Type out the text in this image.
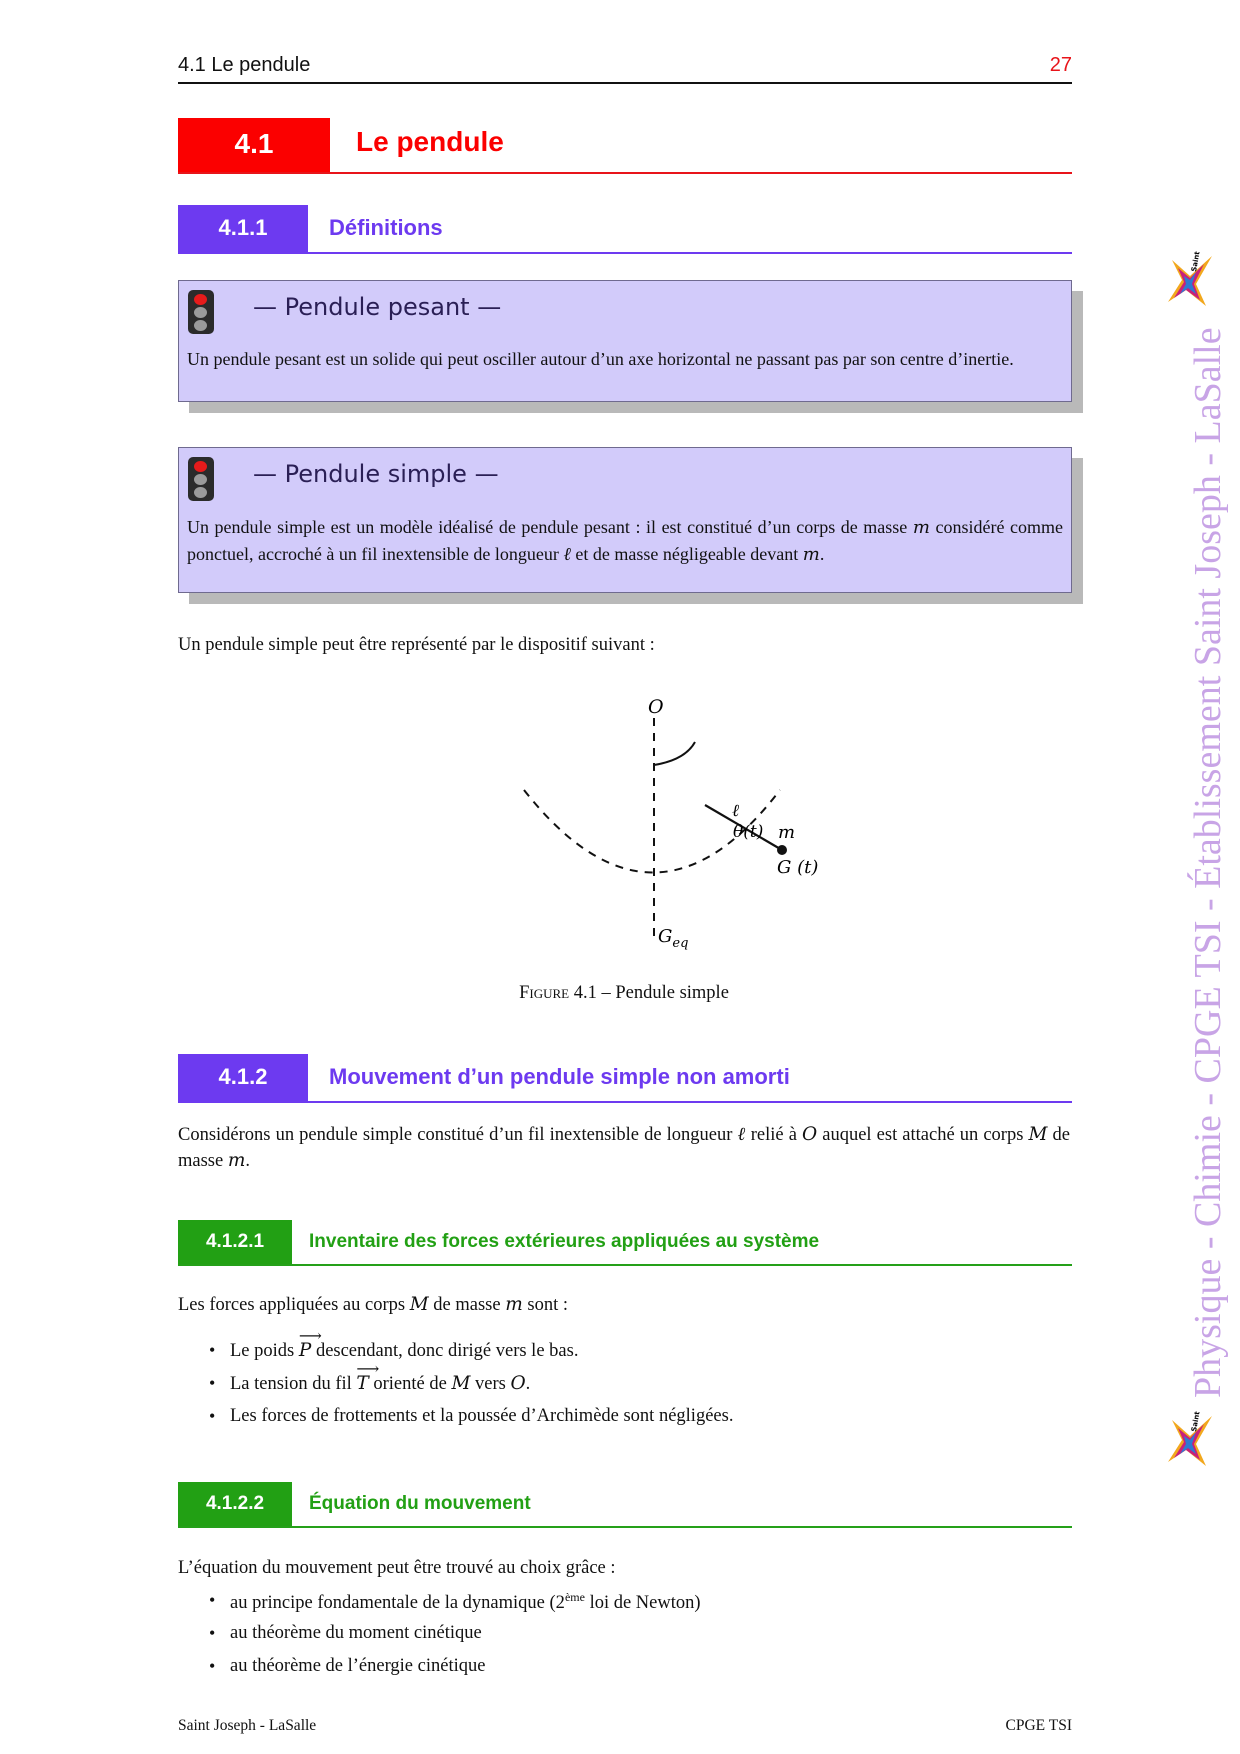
4.1 Le pendule	27
4.1	Le pendule
4.1.1	Définitions
— Pendule pesant —
Un pendule pesant est un solide qui peut osciller autour d’un axe horizontal ne passant pas par son centre d’inertie.
— Pendule simple —
Un pendule simple est un modèle idéalisé de pendule pesant : il est constitué d’un corps de masse m considéré comme ponctuel, accroché à un fil inextensible de longueur ℓ et de masse négligeable devant m.
Un pendule simple peut être représenté par le dispositif suivant :
O
ℓ
θ(t) m
G (t)
$G_{eq}$
Figure 4.1 – Pendule simple
4.1.2	Mouvement d’un pendule simple non amorti
Considérons un pendule simple constitué d’un fil inextensible de longueur ℓ relié à O auquel est attaché un corps M de masse m.
4.1.2.1	Inventaire des forces extérieures appliquées au système
Les forces appliquées au corps M de masse m sont :
• Le poids
⟶
P descendant, donc dirigé vers le bas.
• La tension du fil
⟶
T orienté de M vers O.
• Les forces de frottements et la poussée d’Archimède sont négligées.
4.1.2.2	Équation du mouvement
L’équation du mouvement peut être trouvé au choix grâce :
• au principe fondamentale de la dynamique (2ème loi de Newton)
• au théorème du moment cinétique
• au théorème de l’énergie cinétique
Physique - Chimie - CPGE TSI - Établissement Saint Joseph - LaSalle
Saint Joseph - LaSalle	CPGE TSI
